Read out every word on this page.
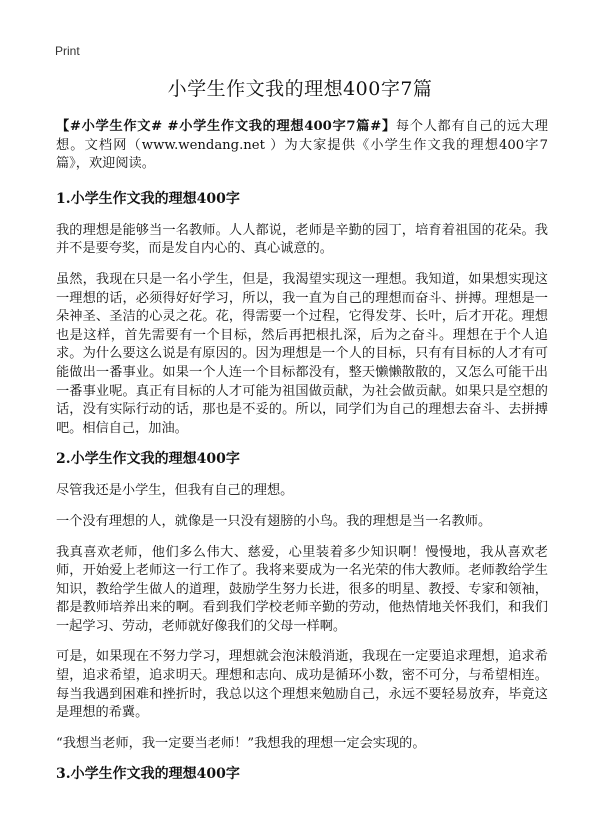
Print
小学生作文我的理想400字7篇

【#小学生作文# #小学生作文我的理想400字7篇#】每个人都有自己的远大理想。文档网（www.wendang.net ）为大家提供《小学生作文我的理想400字7篇》，欢迎阅读。

1.小学生作文我的理想400字

我的理想是能够当一名教师。人人都说，老师是辛勤的园丁，培育着祖国的花朵。我并不是要夸奖，而是发自内心的、真心诚意的。

虽然，我现在只是一名小学生，但是，我渴望实现这一理想。我知道，如果想实现这一理想的话，必须得好好学习，所以，我一直为自己的理想而奋斗、拼搏。理想是一朵神圣、圣洁的心灵之花。花，得需要一个过程，它得发芽、长叶，后才开花。理想也是这样，首先需要有一个目标，然后再把根扎深，后为之奋斗。理想在于个人追求。为什么要这么说是有原因的。因为理想是一个人的目标，只有有目标的人才有可能做出一番事业。如果一个人连一个目标都没有，整天懒懒散散的，又怎么可能干出一番事业呢。真正有目标的人才可能为祖国做贡献，为社会做贡献。如果只是空想的话，没有实际行动的话，那也是不妥的。所以，同学们为自己的理想去奋斗、去拼搏吧。相信自己，加油。

2.小学生作文我的理想400字

尽管我还是小学生，但我有自己的理想。

一个没有理想的人，就像是一只没有翅膀的小鸟。我的理想是当一名教师。

我真喜欢老师，他们多么伟大、慈爱，心里装着多少知识啊！慢慢地，我从喜欢老师，开始爱上老师这一行工作了。我将来要成为一名光荣的伟大教师。老师教给学生知识，教给学生做人的道理，鼓励学生努力长进，很多的明星、教授、专家和领袖，都是教师培养出来的啊。看到我们学校老师辛勤的劳动，他热情地关怀我们，和我们一起学习、劳动，老师就好像我们的父母一样啊。

可是，如果现在不努力学习，理想就会泡沫般消逝，我现在一定要追求理想，追求希望，追求希望，追求明天。理想和志向、成功是循环小数，密不可分，与希望相连。每当我遇到困难和挫折时，我总以这个理想来勉励自己，永远不要轻易放弃，毕竟这是理想的希冀。

“我想当老师，我一定要当老师！”我想我的理想一定会实现的。

3.小学生作文我的理想400字
